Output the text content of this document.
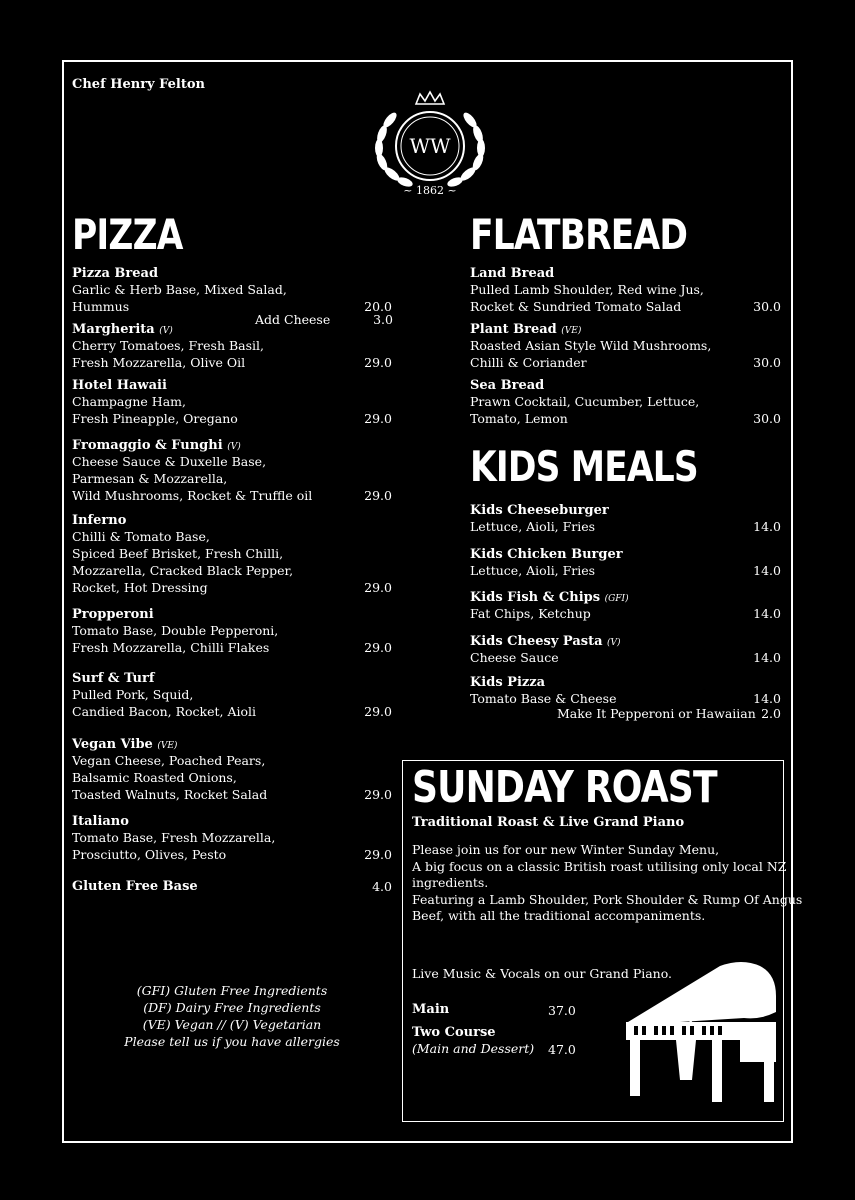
Chef Henry Felton
WW
~ 1862 ~
PIZZA
Pizza Bread
Garlic & Herb Base, Mixed Salad,
Hummus	20.0
Margherita (V)
Cherry Tomatoes, Fresh Basil,
Fresh Mozzarella, Olive Oil	29.0
Hotel Hawaii
Champagne Ham,
Fresh Pineapple, Oregano	29.0
Fromaggio & Funghi (V)
Cheese Sauce & Duxelle Base,
Parmesan & Mozzarella,
Wild Mushrooms, Rocket & Truffle oil	29.0
Inferno
Chilli & Tomato Base,
Spiced Beef Brisket, Fresh Chilli,
Mozzarella, Cracked Black Pepper,
Rocket, Hot Dressing	29.0
Propperoni
Tomato Base, Double Pepperoni,
Fresh Mozzarella, Chilli Flakes	29.0
Surf & Turf
Pulled Pork, Squid,
Candied Bacon, Rocket, Aioli	29.0
Vegan Vibe (VE)
Vegan Cheese, Poached Pears,
Balsamic Roasted Onions,
Toasted Walnuts, Rocket Salad	29.0
Italiano
Tomato Base, Fresh Mozzarella,
Prosciutto, Olives, Pesto	29.0
Gluten Free Base	4.0
Add Cheese	3.0
FLATBREAD
Land Bread
Pulled Lamb Shoulder, Red wine Jus,
Rocket & Sundried Tomato Salad	30.0
Plant Bread (VE)
Roasted Asian Style Wild Mushrooms,
Chilli & Coriander	30.0
Sea Bread
Prawn Cocktail, Cucumber, Lettuce,
Tomato, Lemon	30.0
KIDS MEALS
Kids Cheeseburger
Lettuce, Aioli, Fries	14.0
Kids Chicken Burger
Lettuce, Aioli, Fries	14.0
Kids Fish & Chips (GFI)
Fat Chips, Ketchup	14.0
Kids Cheesy Pasta (V)
Cheese Sauce	14.0
Kids Pizza
Tomato Base & Cheese	14.0
Make It Pepperoni or Hawaiian 2.0
(GFI) Gluten Free Ingredients
(DF) Dairy Free Ingredients
(VE) Vegan // (V) Vegetarian
Please tell us if you have allergies
SUNDAY ROAST
Traditional Roast & Live Grand Piano
Please join us for our new Winter Sunday Menu,
A big focus on a classic British roast utilising only local NZ
ingredients.
Featuring a Lamb Shoulder, Pork Shoulder & Rump Of Angus
Beef, with all the traditional accompaniments.
Live Music & Vocals on our Grand Piano.
Main	37.0
Two Course
(Main and Dessert) 47.0
